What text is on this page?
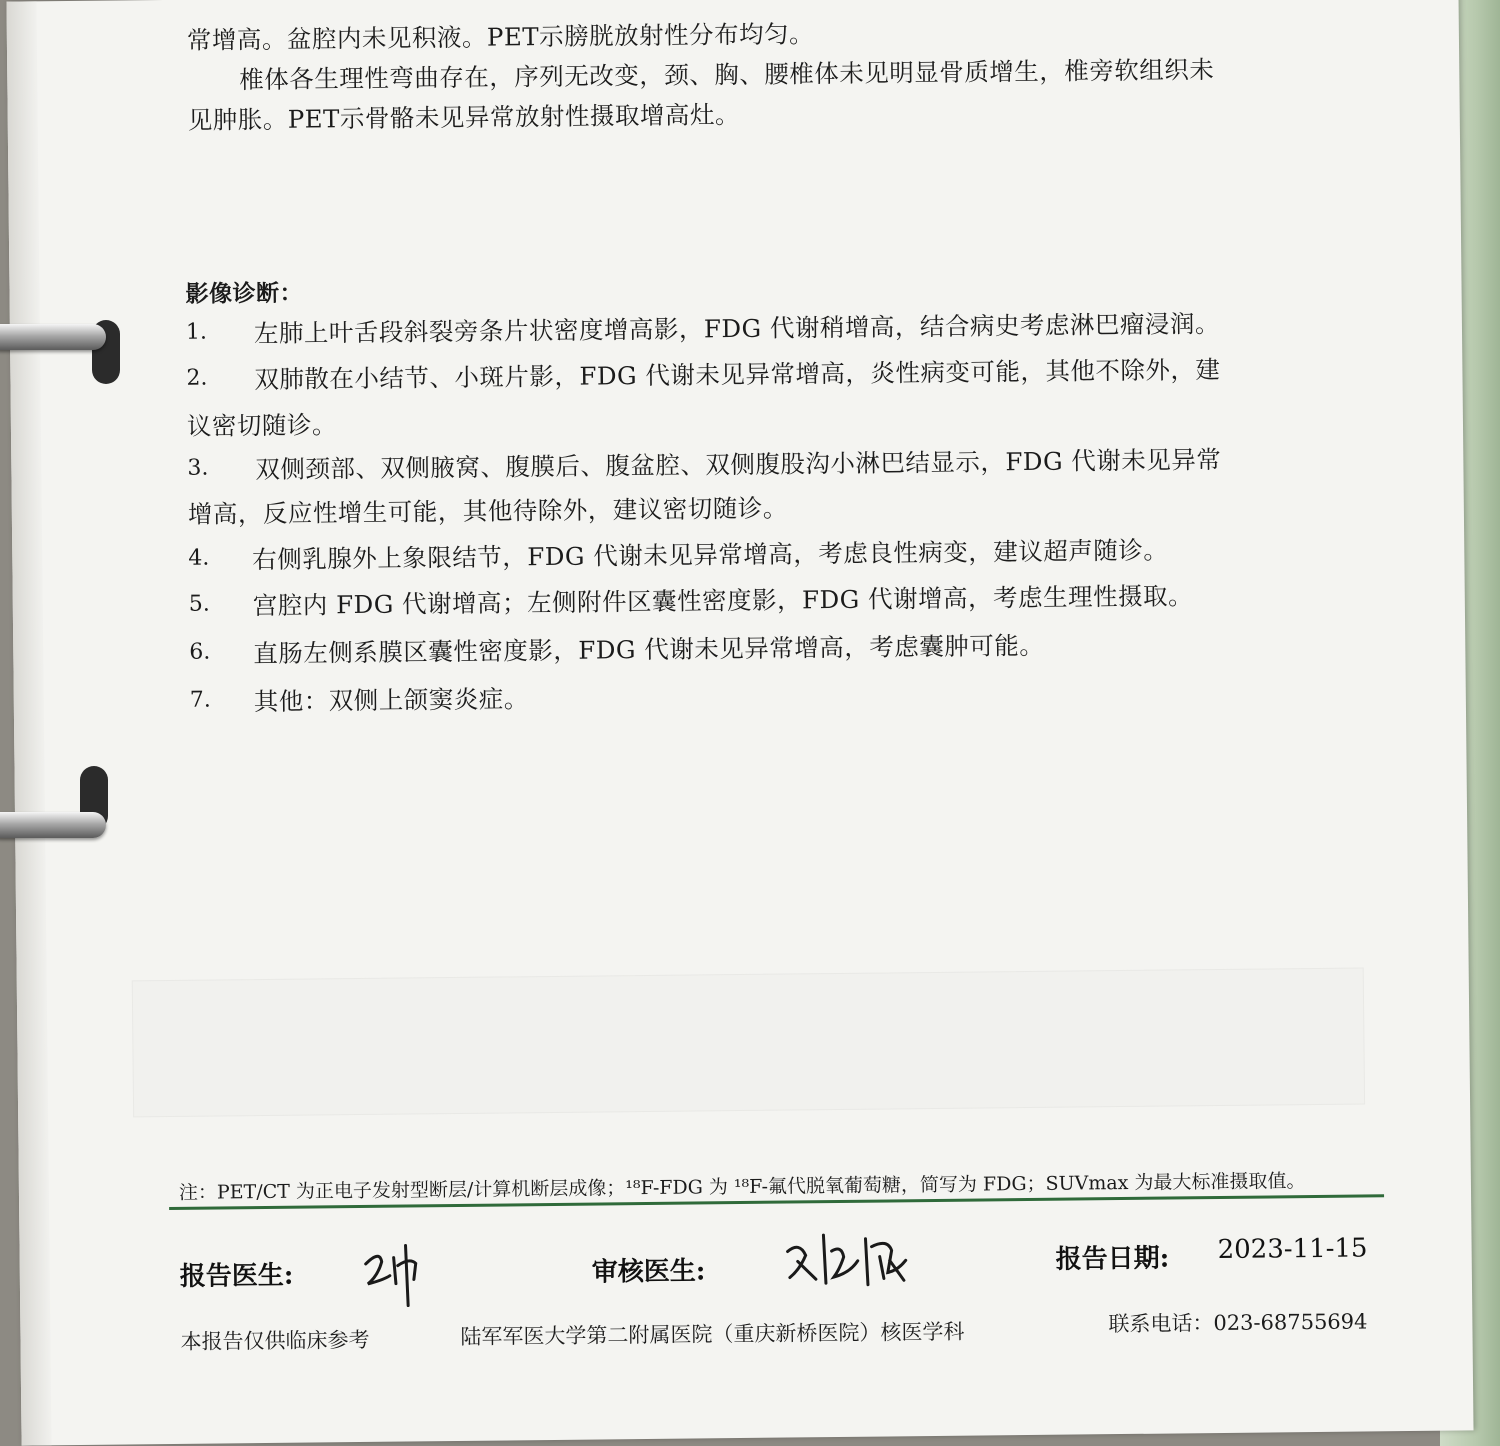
常增高。盆腔内未见积液。PET示膀胱放射性分布均匀。
椎体各生理性弯曲存在，序列无改变，颈、胸、腰椎体未见明显骨质增生，椎旁软组织未
见肿胀。PET示骨骼未见异常放射性摄取增高灶。
影像诊断：
1. 左肺上叶舌段斜裂旁条片状密度增高影，FDG 代谢稍增高，结合病史考虑淋巴瘤浸润。
2. 双肺散在小结节、小斑片影，FDG 代谢未见异常增高，炎性病变可能，其他不除外，建
议密切随诊。
3. 双侧颈部、双侧腋窝、腹膜后、腹盆腔、双侧腹股沟小淋巴结显示，FDG 代谢未见异常
增高，反应性增生可能，其他待除外，建议密切随诊。
4. 右侧乳腺外上象限结节，FDG 代谢未见异常增高，考虑良性病变，建议超声随诊。
5. 宫腔内 FDG 代谢增高；左侧附件区囊性密度影，FDG 代谢增高，考虑生理性摄取。
6. 直肠左侧系膜区囊性密度影，FDG 代谢未见异常增高，考虑囊肿可能。
7. 其他：双侧上颌窦炎症。
注：PET/CT 为正电子发射型断层/计算机断层成像；¹⁸F-FDG 为 ¹⁸F-氟代脱氧葡萄糖，简写为 FDG；SUVmax 为最大标准摄取值。
报告医生:	审核医生:	报告日期: 2023-11-15
本报告仅供临床参考	陆军军医大学第二附属医院（重庆新桥医院）核医学科	联系电话：023-68755694
